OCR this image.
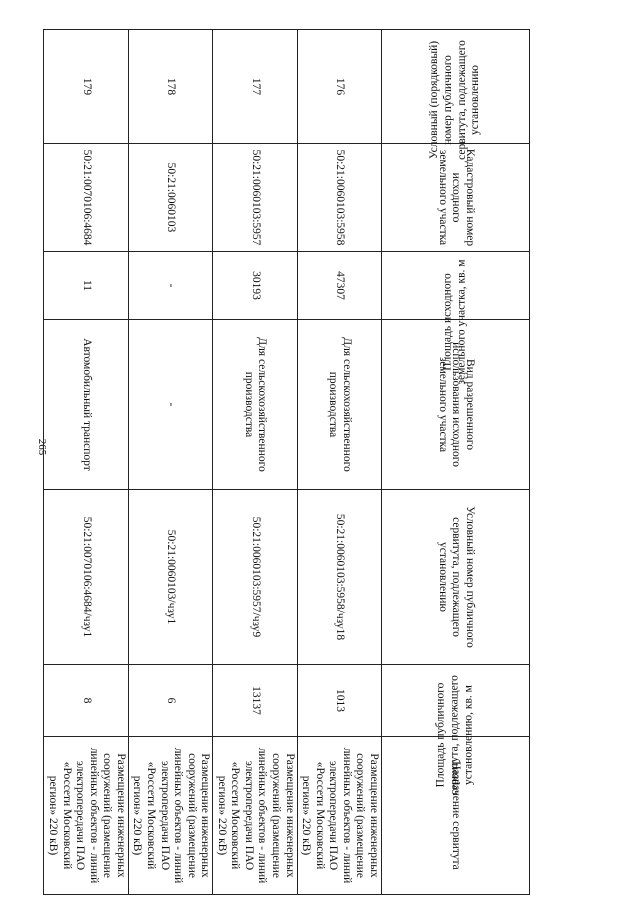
265
Условный (порядковый) номер публичного сервитута, подлежащего установлению	Кадастровый номер исходного земельного участка	Площадь исходного земельного участка, кв. м	Вид разрешенного использования исходного земельного участка	Условный номер публичного сервитута, подлежащего установлению	Площадь публичного сервитута, подлежащего установлению, кв. м	Назначение сервитута
176	50:21:0060103:5958	47307	Для сельскохозяйственного производства	50:21:0060103:5958/чзу18	1013	Размещение инженерных сооружений (размещение линейных объектов - линий электропередачи ПАО «Россети Московский регион» 220 кВ)
177	50:21:0060103:5957	30193	Для сельскохозяйственного производства	50:21:0060103:5957/чзу9	13137	Размещение инженерных сооружений (размещение линейных объектов - линий электропередачи ПАО «Россети Московский регион» 220 кВ)
178	50:21:0060103	-	-	50:21:0060103/чзу1	6	Размещение инженерных сооружений (размещение линейных объектов - линий электропередачи ПАО «Россети Московский регион» 220 кВ)
179	50:21:0070106:4684	11	Автомобильный транспорт	50:21:0070106:4684/чзу1	8	Размещение инженерных сооружений (размещение линейных объектов - линий электропередачи ПАО «Россети Московский регион» 220 кВ)
